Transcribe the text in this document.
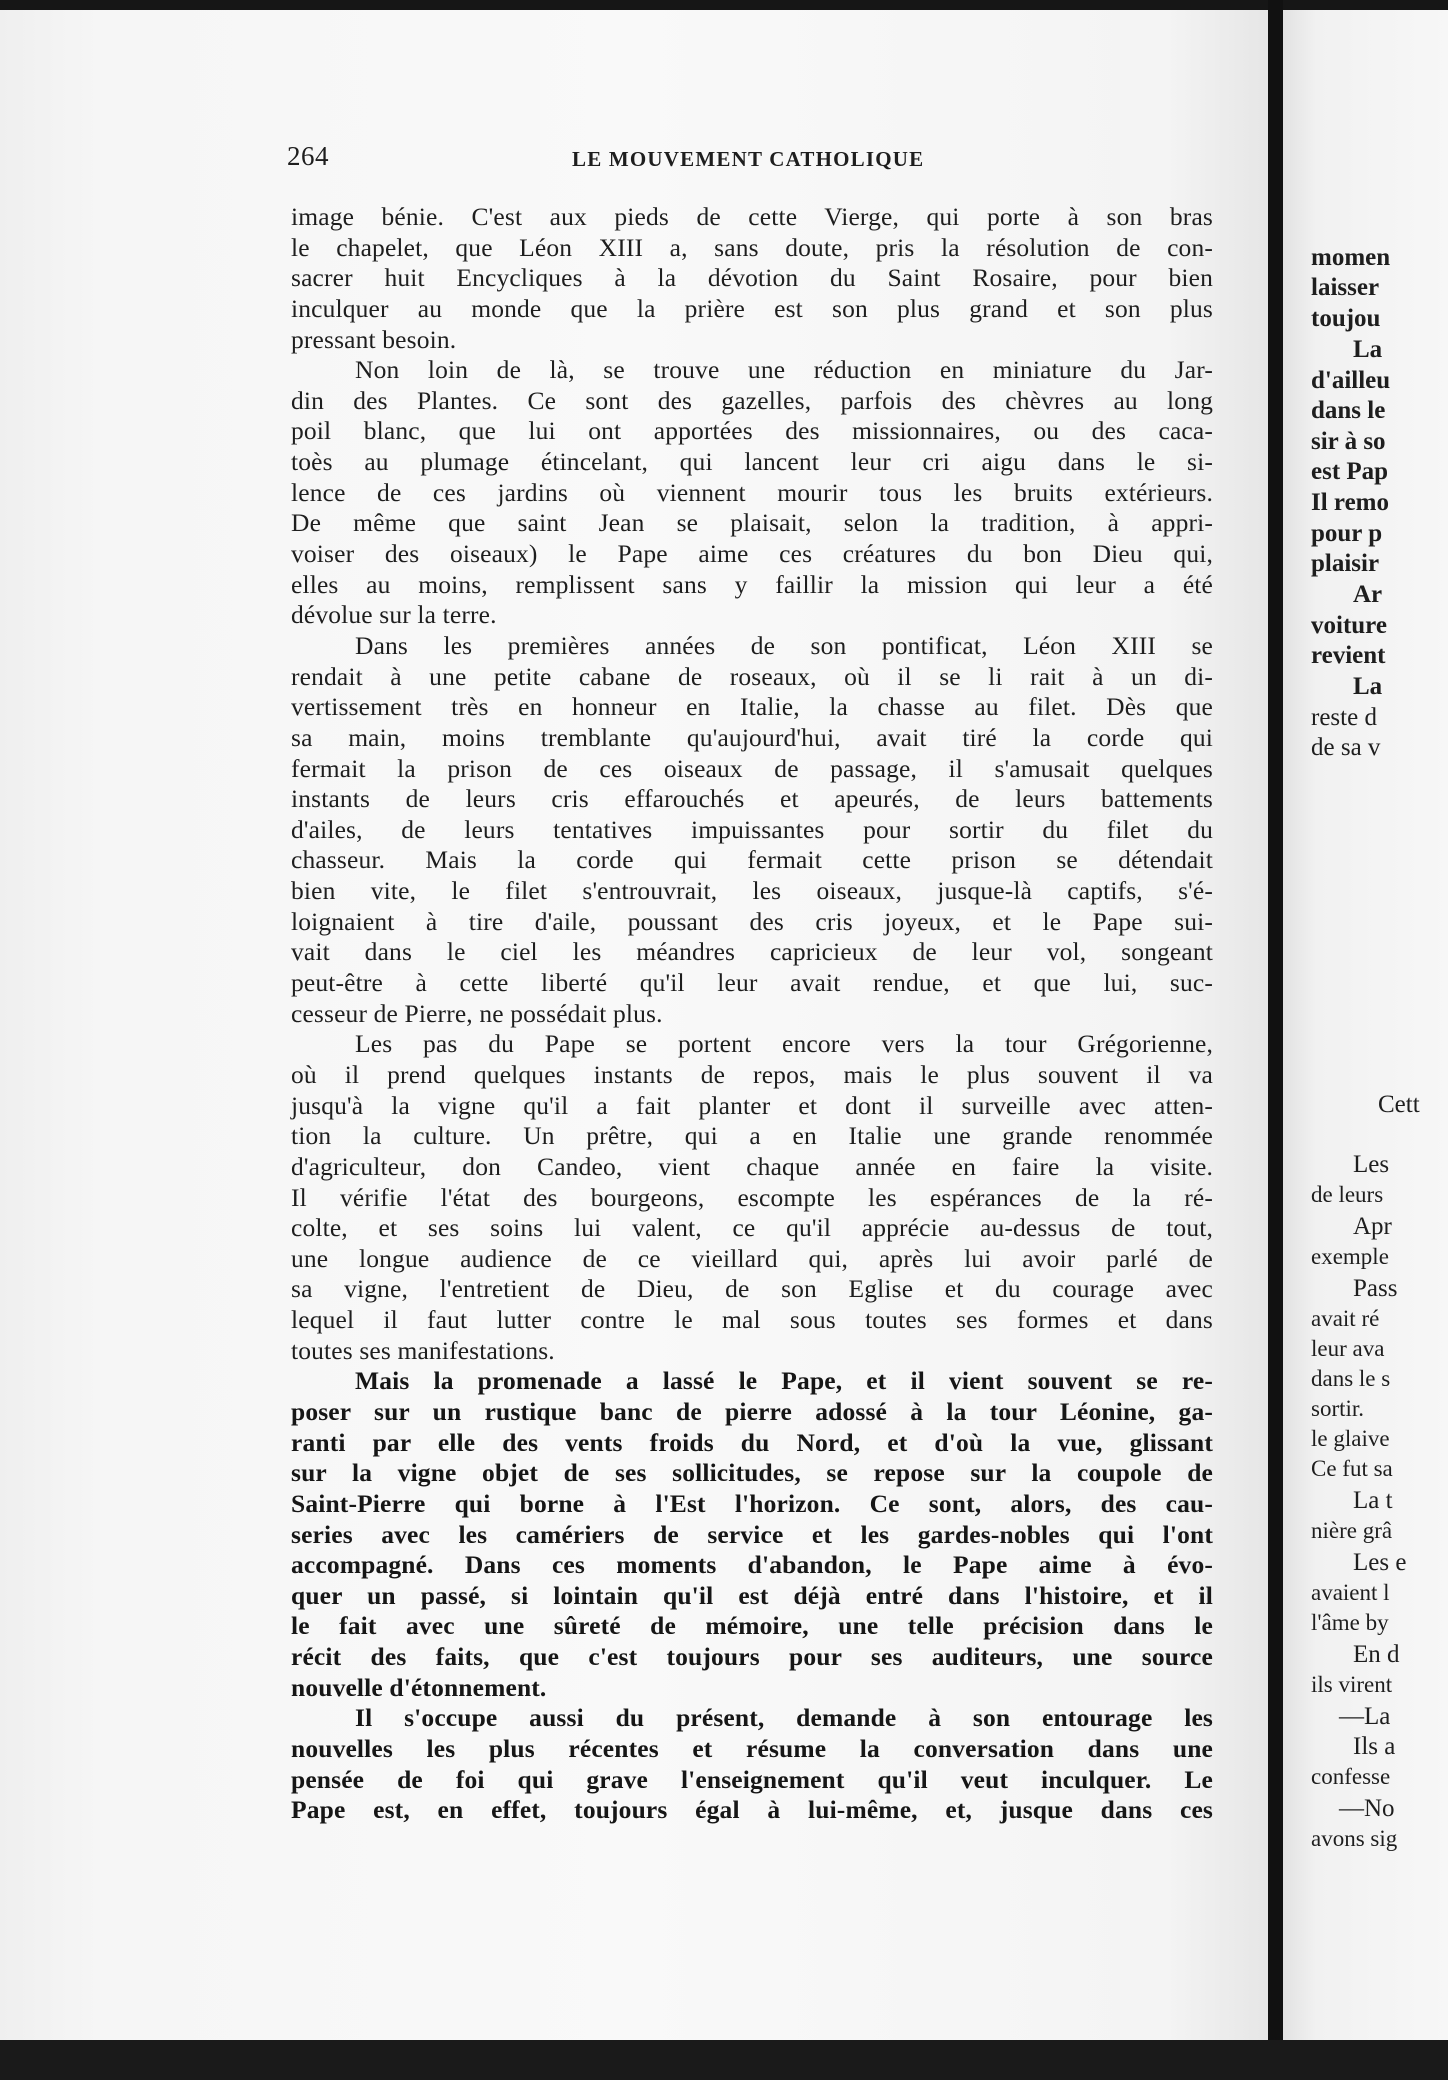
264	LE MOUVEMENT CATHOLIQUE
image bénie. C'est aux pieds de cette Vierge, qui porte à son bras
le chapelet, que Léon XIII a, sans doute, pris la résolution de con-
sacrer huit Encycliques à la dévotion du Saint Rosaire, pour bien
inculquer au monde que la prière est son plus grand et son plus
pressant besoin.
Non loin de là, se trouve une réduction en miniature du Jar-
din des Plantes. Ce sont des gazelles, parfois des chèvres au long
poil blanc, que lui ont apportées des missionnaires, ou des caca-
toès au plumage étincelant, qui lancent leur cri aigu dans le si-
lence de ces jardins où viennent mourir tous les bruits extérieurs.
De même que saint Jean se plaisait, selon la tradition, à appri-
voiser des oiseaux) le Pape aime ces créatures du bon Dieu qui,
elles au moins, remplissent sans y faillir la mission qui leur a été
dévolue sur la terre.
Dans les premières années de son pontificat, Léon XIII se
rendait à une petite cabane de roseaux, où il se li rait à un di-
vertissement très en honneur en Italie, la chasse au filet. Dès que
sa main, moins tremblante qu'aujourd'hui, avait tiré la corde qui
fermait la prison de ces oiseaux de passage, il s'amusait quelques
instants de leurs cris effarouchés et apeurés, de leurs battements
d'ailes, de leurs tentatives impuissantes pour sortir du filet du
chasseur. Mais la corde qui fermait cette prison se détendait
bien vite, le filet s'entrouvrait, les oiseaux, jusque-là captifs, s'é-
loignaient à tire d'aile, poussant des cris joyeux, et le Pape sui-
vait dans le ciel les méandres capricieux de leur vol, songeant
peut-être à cette liberté qu'il leur avait rendue, et que lui, suc-
cesseur de Pierre, ne possédait plus.
Les pas du Pape se portent encore vers la tour Grégorienne,
où il prend quelques instants de repos, mais le plus souvent il va
jusqu'à la vigne qu'il a fait planter et dont il surveille avec atten-
tion la culture. Un prêtre, qui a en Italie une grande renommée
d'agriculteur, don Candeo, vient chaque année en faire la visite.
Il vérifie l'état des bourgeons, escompte les espérances de la ré-
colte, et ses soins lui valent, ce qu'il apprécie au-dessus de tout,
une longue audience de ce vieillard qui, après lui avoir parlé de
sa vigne, l'entretient de Dieu, de son Eglise et du courage avec
lequel il faut lutter contre le mal sous toutes ses formes et dans
toutes ses manifestations.
Mais la promenade a lassé le Pape, et il vient souvent se re-
poser sur un rustique banc de pierre adossé à la tour Léonine, ga-
ranti par elle des vents froids du Nord, et d'où la vue, glissant
sur la vigne objet de ses sollicitudes, se repose sur la coupole de
Saint-Pierre qui borne à l'Est l'horizon. Ce sont, alors, des cau-
series avec les camériers de service et les gardes-nobles qui l'ont
accompagné. Dans ces moments d'abandon, le Pape aime à évo-
quer un passé, si lointain qu'il est déjà entré dans l'histoire, et il
le fait avec une sûreté de mémoire, une telle précision dans le
récit des faits, que c'est toujours pour ses auditeurs, une source
nouvelle d'étonnement.
Il s'occupe aussi du présent, demande à son entourage les
nouvelles les plus récentes et résume la conversation dans une
pensée de foi qui grave l'enseignement qu'il veut inculquer. Le
Pape est, en effet, toujours égal à lui-même, et, jusque dans ces
momen
laisser
toujou
La
d'ailleu
dans le
sir à so
est Pap
Il remo
pour p
plaisir
Ar
voiture
revient
La
reste d
de sa v
Cett
Les
de leurs
Apr
exemple
Pass
avait ré
leur ava
dans le s
sortir.
le glaive
Ce fut sa
La t
nière grâ
Les e
avaient l
l'âme by
En d
ils virent
—La
Ils a
confesse
—No
avons sig
